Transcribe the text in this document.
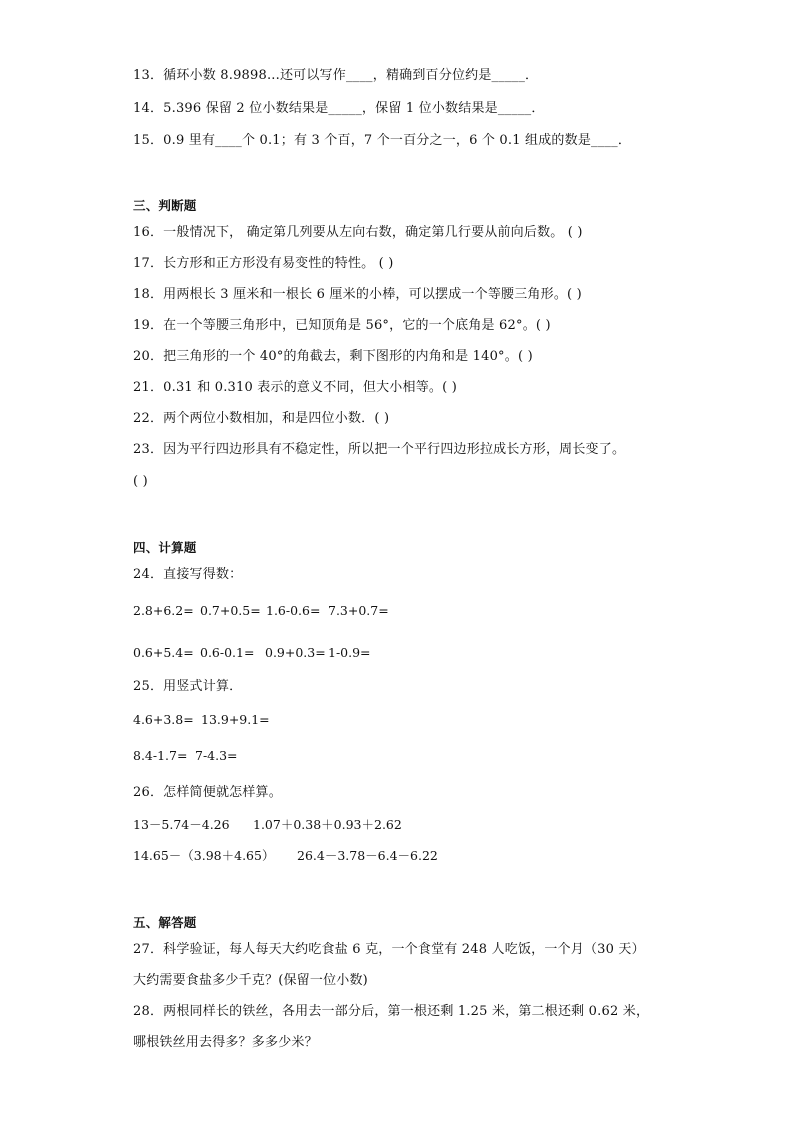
13．循环小数 8.9898...还可以写作____，精确到百分位约是_____．
14．5.396 保留 2 位小数结果是_____，保留 1 位小数结果是_____．
15．0.9 里有____个 0.1；有 3 个百，7 个一百分之一，6 个 0.1 组成的数是____．
三、判断题
16．一般情况下， 确定第几列要从左向右数，确定第几行要从前向后数。 ( )
17．长方形和正方形没有易变性的特性。 ( )
18．用两根长 3 厘米和一根长 6 厘米的小棒，可以摆成一个等腰三角形。( )
19．在一个等腰三角形中，已知顶角是 56°，它的一个底角是 62°。( )
20．把三角形的一个 40°的角截去，剩下图形的内角和是 140°。( )
21．0.31 和 0.310 表示的意义不同，但大小相等。( )
22．两个两位小数相加，和是四位小数．( )
23．因为平行四边形具有不稳定性，所以把一个平行四边形拉成长方形，周长变了。
( )
四、计算题
24．直接写得数：
2.8+6.2= 0.7+0.5= 1.6-0.6= 7.3+0.7=
0.6+5.4= 0.6-0.1= 0.9+0.3= 1-0.9=
25．用竖式计算．
4.6+3.8= 13.9+9.1=
8.4-1.7= 7-4.3=
26．怎样简便就怎样算。
13－5.74－4.26 1.07＋0.38＋0.93＋2.62
14.65－（3.98＋4.65） 26.4－3.78－6.4－6.22
五、解答题
27．科学验证，每人每天大约吃食盐 6 克，一个食堂有 248 人吃饭，一个月（30 天）
大约需要食盐多少千克？(保留一位小数)
28．两根同样长的铁丝，各用去一部分后，第一根还剩 1.25 米，第二根还剩 0.62 米，
哪根铁丝用去得多？多多少米？
